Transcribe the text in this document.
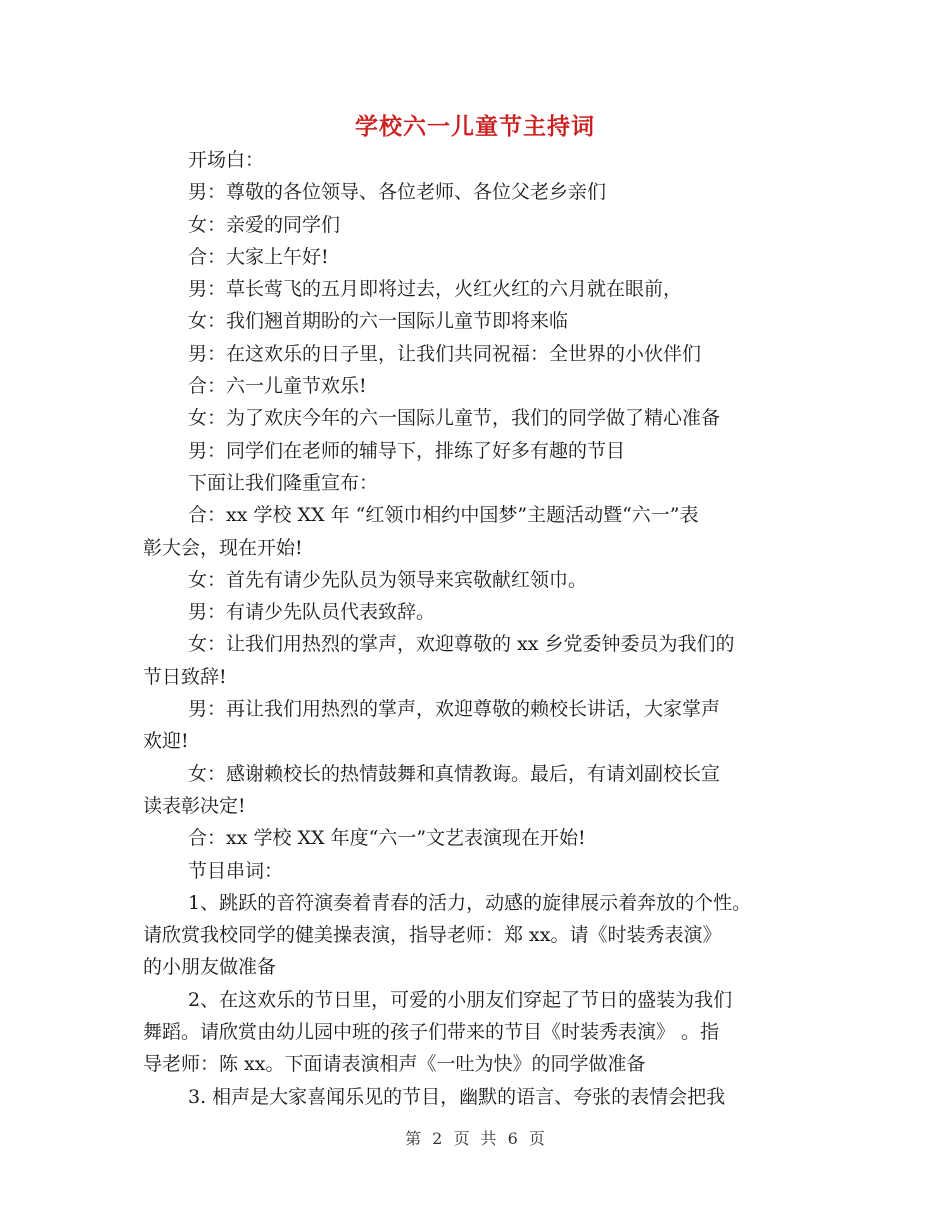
学校六一儿童节主持词
开场白：
男：尊敬的各位领导、各位老师、各位父老乡亲们
女：亲爱的同学们
合：大家上午好!
男：草长莺飞的五月即将过去，火红火红的六月就在眼前，
女：我们翘首期盼的六一国际儿童节即将来临
男：在这欢乐的日子里，让我们共同祝福：全世界的小伙伴们
合：六一儿童节欢乐!
女：为了欢庆今年的六一国际儿童节，我们的同学做了精心准备
男：同学们在老师的辅导下，排练了好多有趣的节目
下面让我们隆重宣布：
合：xx 学校 XX 年 “红领巾相约中国梦”主题活动暨“六一”表
彰大会，现在开始!
女：首先有请少先队员为领导来宾敬献红领巾。
男：有请少先队员代表致辞。
女：让我们用热烈的掌声，欢迎尊敬的 xx 乡党委钟委员为我们的
节日致辞!
男：再让我们用热烈的掌声，欢迎尊敬的赖校长讲话，大家掌声
欢迎!
女：感谢赖校长的热情鼓舞和真情教诲。最后，有请刘副校长宣
读表彰决定!
合：xx 学校 XX 年度“六一”文艺表演现在开始!
节目串词：
1、跳跃的音符演奏着青春的活力，动感的旋律展示着奔放的个性。
请欣赏我校同学的健美操表演，指导老师：郑 xx。请《时装秀表演》
的小朋友做准备
2、在这欢乐的节日里，可爱的小朋友们穿起了节日的盛装为我们
舞蹈。请欣赏由幼儿园中班的孩子们带来的节目《时装秀表演》 。指
导老师：陈 xx。下面请表演相声《一吐为快》的同学做准备
3. 相声是大家喜闻乐见的节目，幽默的语言、夸张的表情会把我
第 2 页 共 6 页
